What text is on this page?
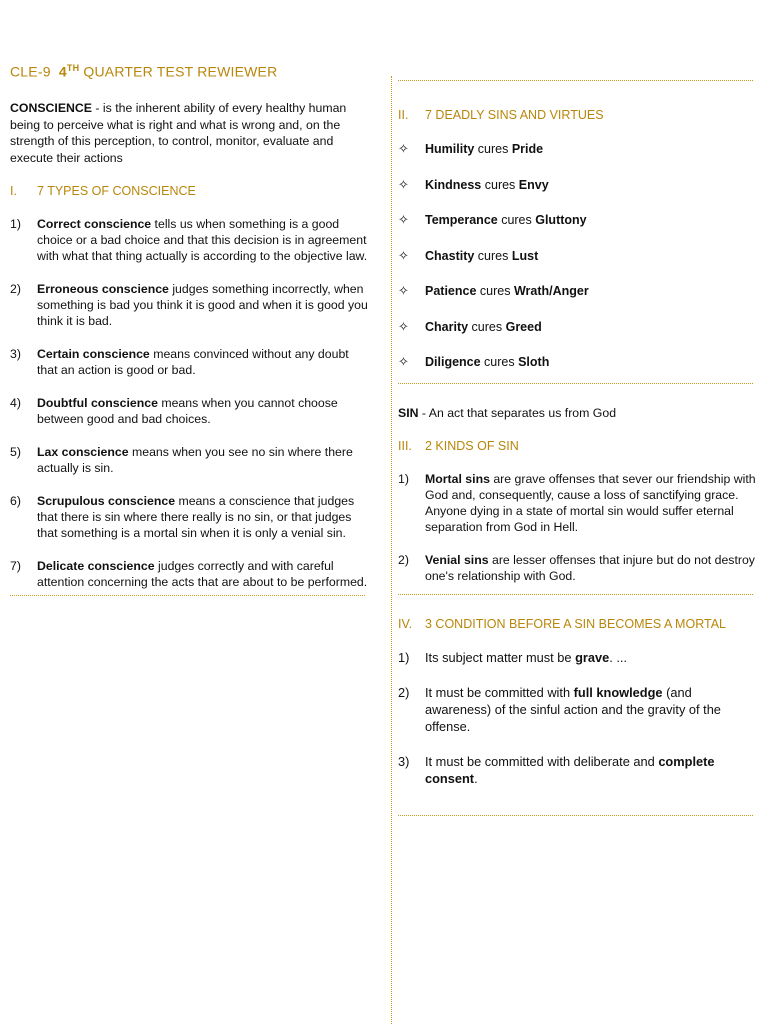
CLE-9 4TH QUARTER TEST REWIEWER

CONSCIENCE - is the inherent ability of every healthy human being to perceive what is right and what is wrong and, on the strength of this perception, to control, monitor, evaluate and execute their actions

I.	7 TYPES OF CONSCIENCE
1)	Correct conscience tells us when something is a good choice or a bad choice and that this decision is in agreement with what that thing actually is according to the objective law.
2)	Erroneous conscience judges something incorrectly, when something is bad you think it is good and when it is good you think it is bad.
3)	Certain conscience means convinced without any doubt that an action is good or bad.
4)	Doubtful conscience means when you cannot choose between good and bad choices.
5)	Lax conscience means when you see no sin where there actually is sin.
6)	Scrupulous conscience means a conscience that judges that there is sin where there really is no sin, or that judges that something is a mortal sin when it is only a venial sin.
7)	Delicate conscience judges correctly and with careful attention concerning the acts that are about to be performed.
II.	7 DEADLY SINS AND VIRTUES
✧	Humility cures Pride
✧	Kindness cures Envy
✧	Temperance cures Gluttony
✧	Chastity cures Lust
✧	Patience cures Wrath/Anger
✧	Charity cures Greed
✧	Diligence cures Sloth

SIN - An act that separates us from God

III.	2 KINDS OF SIN
1)	Mortal sins are grave offenses that sever our friendship with God and, consequently, cause a loss of sanctifying grace. Anyone dying in a state of mortal sin would suffer eternal separation from God in Hell.
2)	Venial sins are lesser offenses that injure but do not destroy one's relationship with God.
IV.	3 CONDITION BEFORE A SIN BECOMES A MORTAL
1)	Its subject matter must be grave. ...
2)	It must be committed with full knowledge (and awareness) of the sinful action and the gravity of the offense.
3)	It must be committed with deliberate and complete consent.
